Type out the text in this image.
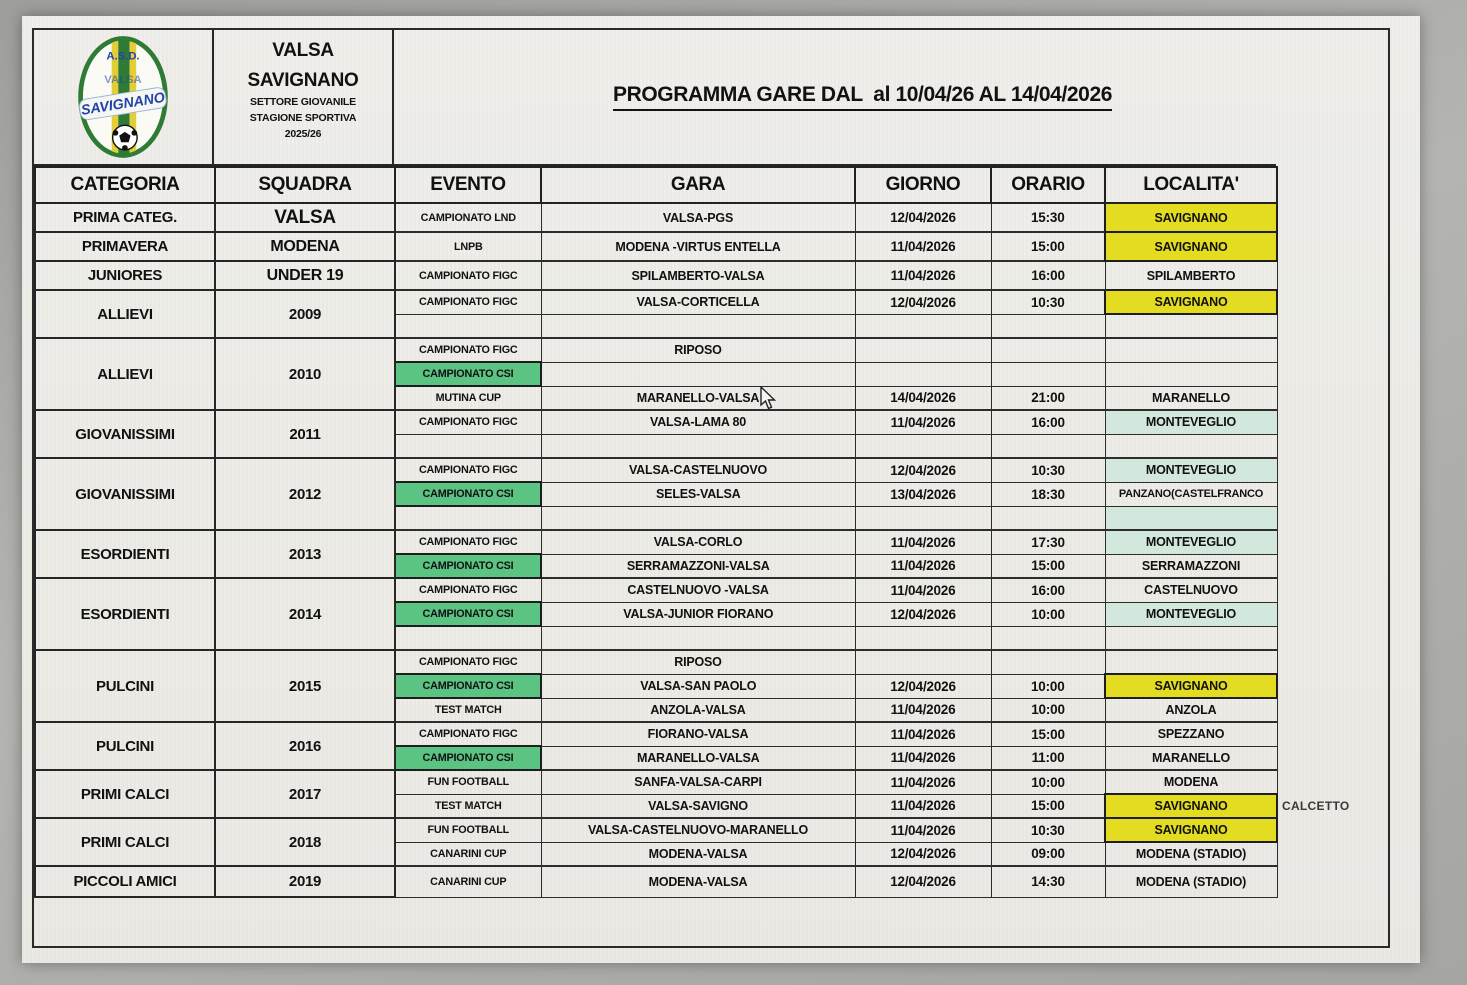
A.S.D.
VALSA
SAVIGNANO
VALSA
SAVIGNANO
SETTORE GIOVANILE
STAGIONE SPORTIVA
2025/26
PROGRAMMA GARE DAL  al 10/04/26 AL 14/04/2026
CATEGORIA	SQUADRA	EVENTO	GARA	GIORNO	ORARIO	LOCALITA'
PRIMA CATEG.	VALSA	CAMPIONATO LND	VALSA-PGS	12/04/2026	15:30	SAVIGNANO
PRIMAVERA	MODENA	LNPB	MODENA -VIRTUS ENTELLA	11/04/2026	15:00	SAVIGNANO
JUNIORES	UNDER 19	CAMPIONATO FIGC	SPILAMBERTO-VALSA	11/04/2026	16:00	SPILAMBERTO
ALLIEVI	2009	CAMPIONATO FIGC	VALSA-CORTICELLA	12/04/2026	10:30	SAVIGNANO

ALLIEVI	2010	CAMPIONATO FIGC	RIPOSO			
		CAMPIONATO CSI				
		MUTINA CUP	MARANELLO-VALSA	14/04/2026	21:00	MARANELLO
GIOVANISSIMI	2011	CAMPIONATO FIGC	VALSA-LAMA 80	11/04/2026	16:00	MONTEVEGLIO

GIOVANISSIMI	2012	CAMPIONATO FIGC	VALSA-CASTELNUOVO	12/04/2026	10:30	MONTEVEGLIO
		CAMPIONATO CSI	SELES-VALSA	13/04/2026	18:30	PANZANO(CASTELFRANCO

ESORDIENTI	2013	CAMPIONATO FIGC	VALSA-CORLO	11/04/2026	17:30	MONTEVEGLIO
		CAMPIONATO CSI	SERRAMAZZONI-VALSA	11/04/2026	15:00	SERRAMAZZONI
ESORDIENTI	2014	CAMPIONATO FIGC	CASTELNUOVO -VALSA	11/04/2026	16:00	CASTELNUOVO
		CAMPIONATO CSI	VALSA-JUNIOR FIORANO	12/04/2026	10:00	MONTEVEGLIO

PULCINI	2015	CAMPIONATO FIGC	RIPOSO			
		CAMPIONATO CSI	VALSA-SAN PAOLO	12/04/2026	10:00	SAVIGNANO
		TEST MATCH	ANZOLA-VALSA	11/04/2026	10:00	ANZOLA
PULCINI	2016	CAMPIONATO FIGC	FIORANO-VALSA	11/04/2026	15:00	SPEZZANO
		CAMPIONATO CSI	MARANELLO-VALSA	11/04/2026	11:00	MARANELLO
PRIMI CALCI	2017	FUN FOOTBALL	SANFA-VALSA-CARPI	11/04/2026	10:00	MODENA
		TEST MATCH	VALSA-SAVIGNO	11/04/2026	15:00	SAVIGNANO
PRIMI CALCI	2018	FUN FOOTBALL	VALSA-CASTELNUOVO-MARANELLO	11/04/2026	10:30	SAVIGNANO
		CANARINI CUP	MODENA-VALSA	12/04/2026	09:00	MODENA (STADIO)
PICCOLI AMICI	2019	CANARINI CUP	MODENA-VALSA	12/04/2026	14:30	MODENA (STADIO)
CALCETTO
